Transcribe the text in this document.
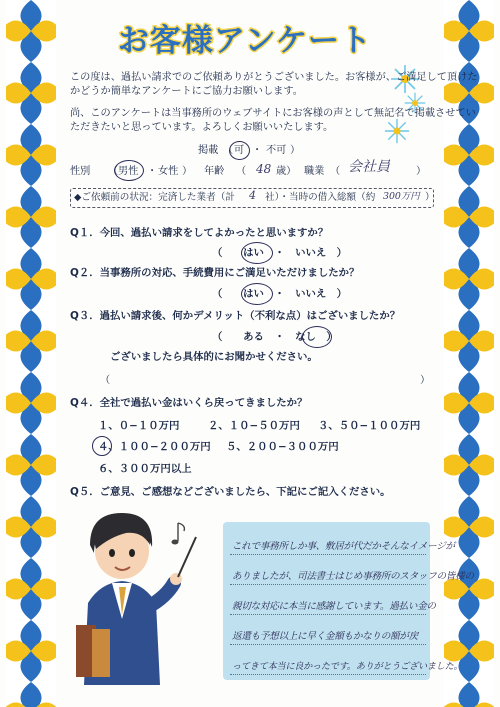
お客様アンケート
この度は、過払い請求でのご依頼ありがとうございました。お客様が、ご満足して頂けた
かどうか簡単なアンケートにご協力お願いします。
尚、このアンケートは当事務所のウェブサイトにお客様の声として無記名で掲載させてい
ただきたいと思っています。よろしくお願いいたします。
掲載 （ 可 ・ 不可 ）
性別 （ 男性 ・ 女性 ） 年齢 （ 48 歳） 職業 （ 会社員	）
◆ご依頼前の状況：完済した業者（計 4 社）・当時の借入総額（約 300万円 ）
Q１．今回、過払い請求をしてよかったと思いますか？
（　　はい　・　いいえ　）
Q２．当事務所の対応、手続費用にご満足いただけましたか？
（　　はい　・　いいえ　）
Q３．過払い請求後、何かデメリット（不利な点）はございましたか？
（　　ある　・　なし　）
ございましたら具体的にお聞かせください。
（	）
Q４．全社で過払い金はいくら戻ってきましたか？
１、０−１０万円	２、１０−５０万円 ３、５０−１００万円
４、１００−２００万円 ５、２００−３００万円
６、３００万円以上
Q５．ご意見、ご感想などございましたら、下記にご記入ください。
これで事務所しか事、敷居が代だかそんなイメージが
ありましたが、司法書士はじめ事務所のスタッフの皆様の
親切な対応に本当に感謝しています。過払い金の
返還も予想以上に早く金額もかなりの額が戻
ってきて本当に良かったです。ありがとうございました。
